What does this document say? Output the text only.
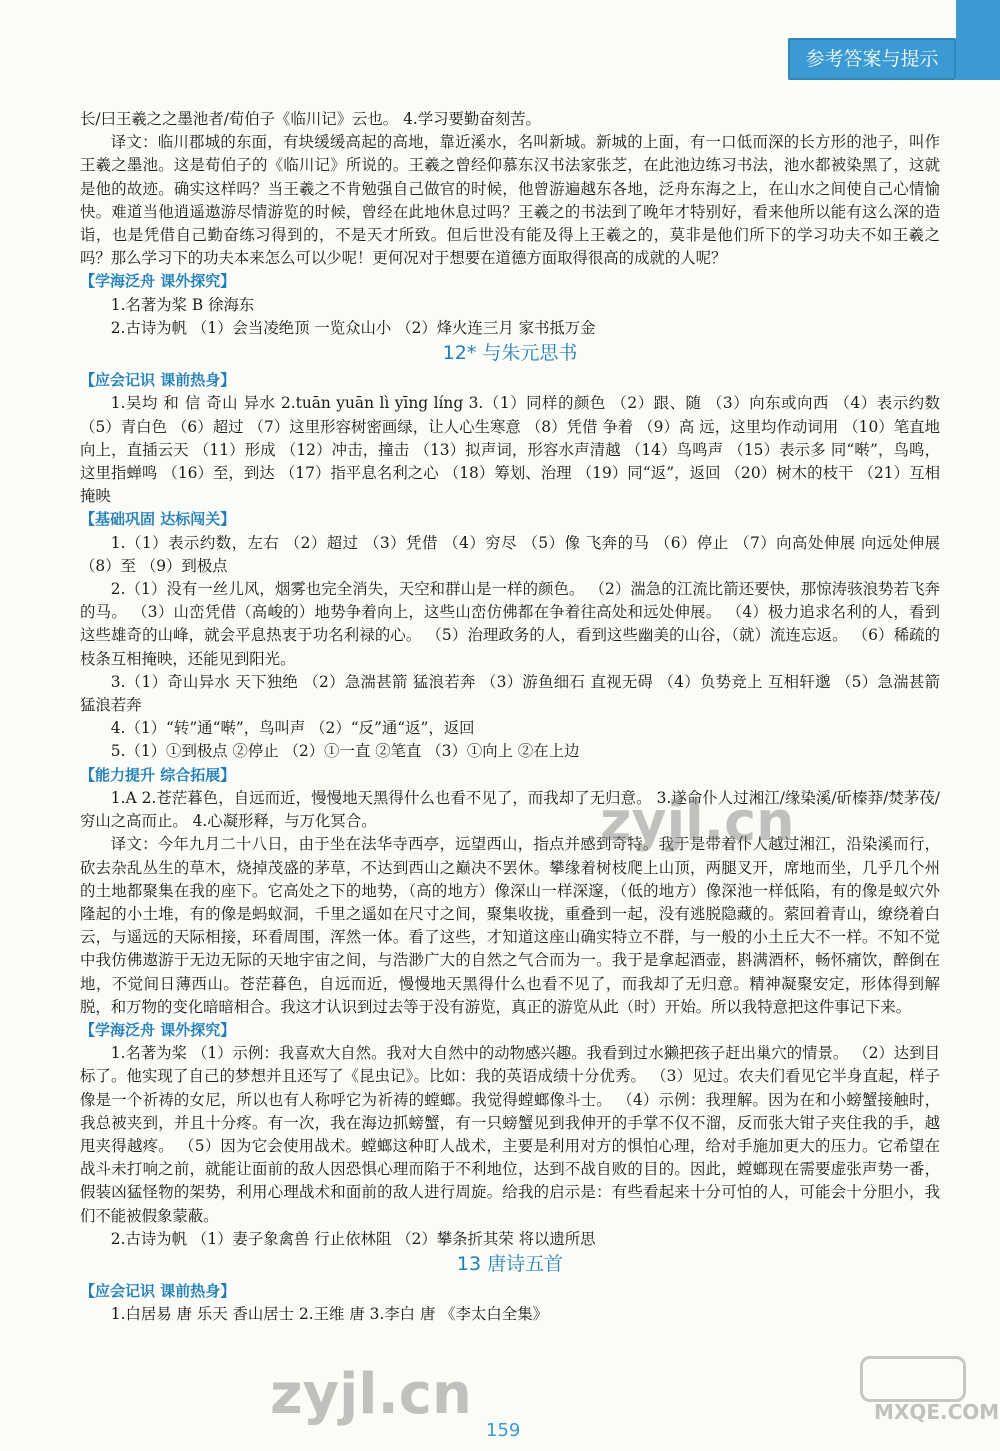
参考答案与提示
长/曰王羲之之墨池者/荀伯子《临川记》云也。 4.学习要勤奋刻苦。
译文：临川郡城的东面，有块缓缓高起的高地，靠近溪水，名叫新城。新城的上面，有一口低而深的长方形的池子，叫作王羲之墨池。这是荀伯子的《临川记》所说的。王羲之曾经仰慕东汉书法家张芝，在此池边练习书法，池水都被染黑了，这就是他的故迹。确实这样吗？当王羲之不肯勉强自己做官的时候，他曾游遍越东各地，泛舟东海之上，在山水之间使自己心情愉快。难道当他逍遥遨游尽情游览的时候，曾经在此地休息过吗？王羲之的书法到了晚年才特别好，看来他所以能有这么深的造诣，也是凭借自己勤奋练习得到的，不是天才所致。但后世没有能及得上王羲之的，莫非是他们所下的学习功夫不如王羲之吗？那么学习下的功夫本来怎么可以少呢！更何况对于想要在道德方面取得很高的成就的人呢？
【学海泛舟 课外探究】
1.名著为桨 B 徐海东
2.古诗为帆 （1）会当凌绝顶 一览众山小 （2）烽火连三月 家书抵万金
12* 与朱元思书
【应会记识 课前热身】
1.吴均 和 信 奇山 异水 2.tuān yuān lì yīng líng 3.（1）同样的颜色 （2）跟、随 （3）向东或向西 （4）表示约数 （5）青白色 （6）超过 （7）这里形容树密画绿，让人心生寒意 （8）凭借 争着 （9）高 远，这里均作动词用 （10）笔直地向上，直插云天 （11）形成 （12）冲击，撞击 （13）拟声词，形容水声清越 （14）鸟鸣声 （15）表示多 同“啭”，鸟鸣，这里指蝉鸣 （16）至，到达 （17）指平息名利之心 （18）筹划、治理 （19）同“返”，返回 （20）树木的枝干 （21）互相掩映
【基础巩固 达标闯关】
1.（1）表示约数，左右 （2）超过 （3）凭借 （4）穷尽 （5）像 飞奔的马 （6）停止 （7）向高处伸展 向远处伸展 （8）至 （9）到极点
2.（1）没有一丝儿风，烟雾也完全消失，天空和群山是一样的颜色。 （2）湍急的江流比箭还要快，那惊涛骇浪势若飞奔的马。 （3）山峦凭借（高峻的）地势争着向上，这些山峦仿佛都在争着往高处和远处伸展。 （4）极力追求名利的人，看到这些雄奇的山峰，就会平息热衷于功名利禄的心。 （5）治理政务的人，看到这些幽美的山谷，（就）流连忘返。 （6）稀疏的枝条互相掩映，还能见到阳光。
3.（1）奇山异水 天下独绝 （2）急湍甚箭 猛浪若奔 （3）游鱼细石 直视无碍 （4）负势竞上 互相轩邈 （5）急湍甚箭 猛浪若奔
4.（1）“转”通“啭”，鸟叫声 （2）“反”通“返”，返回
5.（1）①到极点 ②停止 （2）①一直 ②笔直 （3）①向上 ②在上边
【能力提升 综合拓展】
1.A 2.苍茫暮色，自远而近，慢慢地天黑得什么也看不见了，而我却了无归意。 3.遂命仆人过湘江/缘染溪/斫榛莽/焚茅茷/穷山之高而止。 4.心凝形释，与万化冥合。
译文：今年九月二十八日，由于坐在法华寺西亭，远望西山，指点并感到奇特。我于是带着仆人越过湘江，沿染溪而行，砍去杂乱丛生的草木，烧掉茂盛的茅草，不达到西山之巅决不罢休。攀缘着树枝爬上山顶，两腿叉开，席地而坐，几乎几个州的土地都聚集在我的座下。它高处之下的地势，（高的地方）像深山一样深邃，（低的地方）像深池一样低陷，有的像是蚁穴外隆起的小土堆，有的像是蚂蚁洞，千里之遥如在尺寸之间，聚集收拢，重叠到一起，没有逃脱隐藏的。萦回着青山，缭绕着白云，与遥远的天际相接，环看周围，浑然一体。看了这些，才知道这座山确实特立不群，与一般的小土丘大不一样。不知不觉中我仿佛遨游于无边无际的天地宇宙之间，与浩渺广大的自然之气合而为一。我于是拿起酒壶，斟满酒杯，畅怀痛饮，醉倒在地，不觉间日薄西山。苍茫暮色，自远而近，慢慢地天黑得什么也看不见了，而我却了无归意。精神凝聚安定，形体得到解脱，和万物的变化暗暗相合。我这才认识到过去等于没有游览，真正的游览从此（时）开始。所以我特意把这件事记下来。
【学海泛舟 课外探究】
1.名著为桨 （1）示例：我喜欢大自然。我对大自然中的动物感兴趣。我看到过水獭把孩子赶出巢穴的情景。 （2）达到目标了。他实现了自己的梦想并且还写了《昆虫记》。比如：我的英语成绩十分优秀。 （3）见过。农夫们看见它半身直起，样子像是一个祈祷的女尼，所以也有人称呼它为祈祷的螳螂。我觉得螳螂像斗士。 （4）示例：我理解。因为在和小螃蟹接触时，我总被夹到，并且十分疼。有一次，我在海边抓螃蟹，有一只螃蟹见到我伸开的手掌不仅不溜，反而张大钳子夹住我的手，越甩夹得越疼。 （5）因为它会使用战术。螳螂这种盯人战术，主要是利用对方的惧怕心理，给对手施加更大的压力。它希望在战斗未打响之前，就能让面前的敌人因恐惧心理而陷于不利地位，达到不战自败的目的。因此，螳螂现在需要虚张声势一番，假装凶猛怪物的架势，利用心理战术和面前的敌人进行周旋。给我的启示是：有些看起来十分可怕的人，可能会十分胆小，我们不能被假象蒙蔽。
2.古诗为帆 （1）妻子象禽兽 行止依林阻 （2）攀条折其荣 将以遗所思
13 唐诗五首
【应会记识 课前热身】
1.白居易 唐 乐天 香山居士 2.王维 唐 3.李白 唐 《李太白全集》
zyjl.cn
zyjl.cn	MXQE.COM
159
